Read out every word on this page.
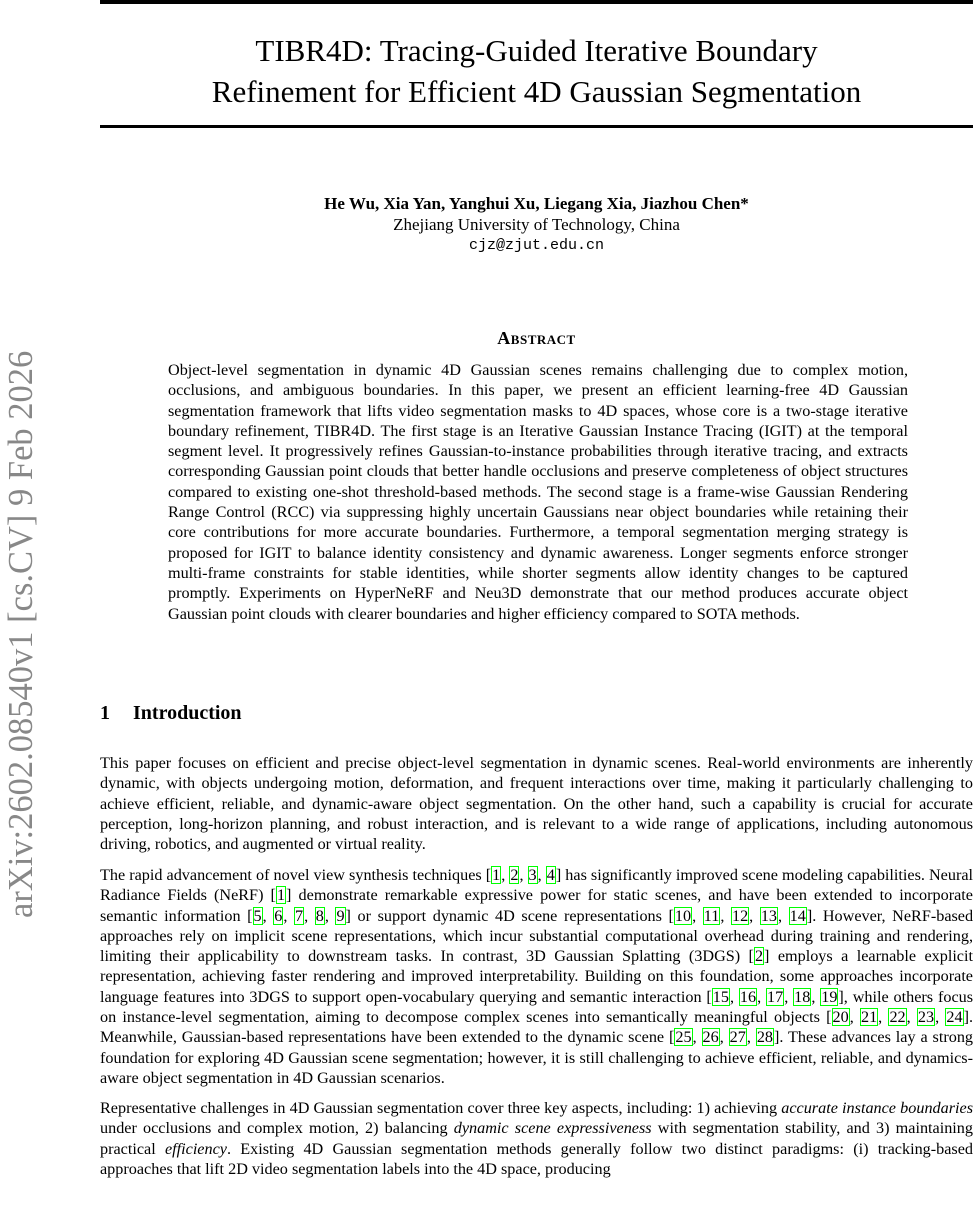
arXiv:2602.08540v1 [cs.CV] 9 Feb 2026
TIBR4D: Tracing-Guided Iterative Boundary
Refinement for Efficient 4D Gaussian Segmentation
He Wu, Xia Yan, Yanghui Xu, Liegang Xia, Jiazhou Chen*
Zhejiang University of Technology, China
cjz@zjut.edu.cn
Abstract
Object-level segmentation in dynamic 4D Gaussian scenes remains challenging due to complex motion, occlusions, and ambiguous boundaries. In this paper, we present an efficient learning-free 4D Gaussian segmentation framework that lifts video segmentation masks to 4D spaces, whose core is a two-stage iterative boundary refinement, TIBR4D. The first stage is an Iterative Gaussian Instance Tracing (IGIT) at the temporal segment level. It progressively refines Gaussian-to-instance probabilities through iterative tracing, and extracts corresponding Gaussian point clouds that better handle occlusions and preserve completeness of object structures compared to existing one-shot threshold-based methods. The second stage is a frame-wise Gaussian Rendering Range Control (RCC) via suppressing highly uncertain Gaussians near object boundaries while retaining their core contributions for more accurate boundaries. Furthermore, a temporal segmentation merging strategy is proposed for IGIT to balance identity consistency and dynamic awareness. Longer segments enforce stronger multi-frame constraints for stable identities, while shorter segments allow identity changes to be captured promptly. Experiments on HyperNeRF and Neu3D demonstrate that our method produces accurate object Gaussian point clouds with clearer boundaries and higher efficiency compared to SOTA methods.
1 Introduction
This paper focuses on efficient and precise object-level segmentation in dynamic scenes. Real-world environments are inherently dynamic, with objects undergoing motion, deformation, and frequent interactions over time, making it particularly challenging to achieve efficient, reliable, and dynamic-aware object segmentation. On the other hand, such a capability is crucial for accurate perception, long-horizon planning, and robust interaction, and is relevant to a wide range of applications, including autonomous driving, robotics, and augmented or virtual reality.
The rapid advancement of novel view synthesis techniques [1, 2, 3, 4] has significantly improved scene modeling capabilities. Neural Radiance Fields (NeRF) [1] demonstrate remarkable expressive power for static scenes, and have been extended to incorporate semantic information [5, 6, 7, 8, 9] or support dynamic 4D scene representations [10, 11, 12, 13, 14]. However, NeRF-based approaches rely on implicit scene representations, which incur substantial computational overhead during training and rendering, limiting their applicability to downstream tasks. In contrast, 3D Gaussian Splatting (3DGS) [2] employs a learnable explicit representation, achieving faster rendering and improved interpretability. Building on this foundation, some approaches incorporate language features into 3DGS to support open-vocabulary querying and semantic interaction [15, 16, 17, 18, 19], while others focus on instance-level segmentation, aiming to decompose complex scenes into semantically meaningful objects [20, 21, 22, 23, 24]. Meanwhile, Gaussian-based representations have been extended to the dynamic scene [25, 26, 27, 28]. These advances lay a strong foundation for exploring 4D Gaussian scene segmentation; however, it is still challenging to achieve efficient, reliable, and dynamics-aware object segmentation in 4D Gaussian scenarios.
Representative challenges in 4D Gaussian segmentation cover three key aspects, including: 1) achieving accurate instance boundaries under occlusions and complex motion, 2) balancing dynamic scene expressiveness with segmentation stability, and 3) maintaining practical efficiency. Existing 4D Gaussian segmentation methods generally follow two distinct paradigms: (i) tracking-based approaches that lift 2D video segmentation labels into the 4D space, producing
